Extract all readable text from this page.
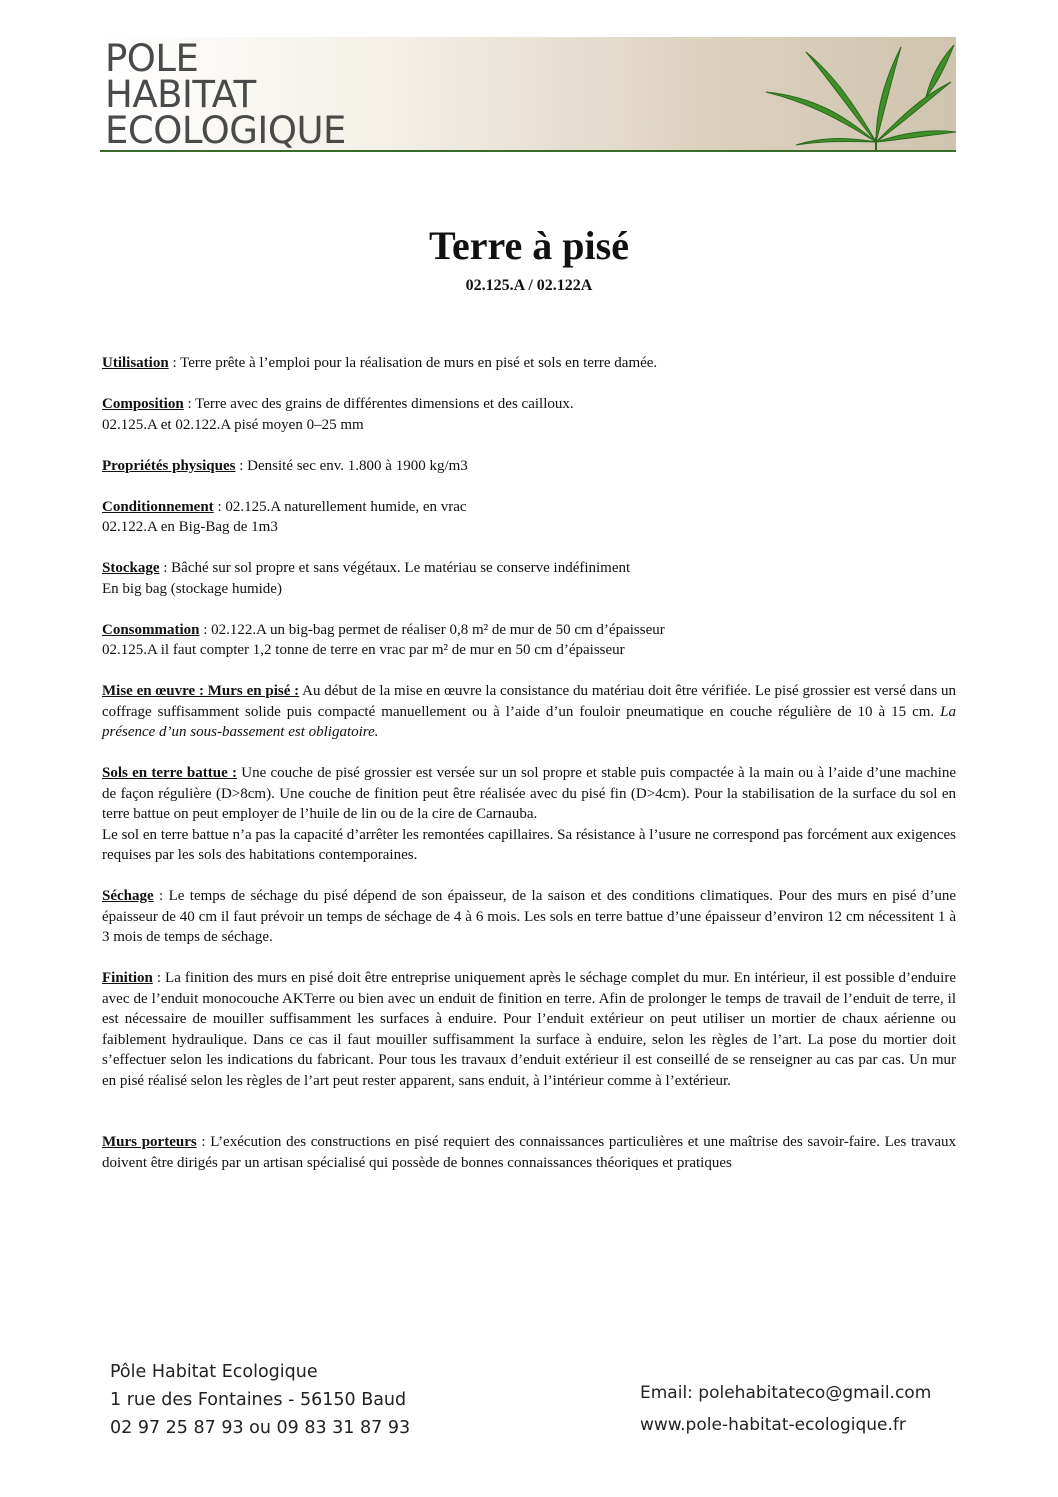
POLE
HABITAT
ECOLOGIQUE
Terre à pisé
02.125.A / 02.122A

Utilisation : Terre prête à l’emploi pour la réalisation de murs en pisé et sols en terre damée.

Composition : Terre avec des grains de différentes dimensions et des cailloux.
02.125.A et 02.122.A pisé moyen 0–25 mm

Propriétés physiques : Densité sec env. 1.800 à 1900 kg/m3

Conditionnement : 02.125.A naturellement humide, en vrac
02.122.A en Big-Bag de 1m3

Stockage : Bâché sur sol propre et sans végétaux. Le matériau se conserve indéfiniment
En big bag (stockage humide)

Consommation : 02.122.A un big-bag permet de réaliser 0,8 m² de mur de 50 cm d’épaisseur
02.125.A il faut compter 1,2 tonne de terre en vrac par m² de mur en 50 cm d’épaisseur

Mise en œuvre : Murs en pisé : Au début de la mise en œuvre la consistance du matériau doit être vérifiée. Le pisé grossier est versé dans un coffrage suffisamment solide puis compacté manuellement ou à l’aide d’un fouloir pneumatique en couche régulière de 10 à 15 cm. La présence d’un sous-bassement est obligatoire.

Sols en terre battue : Une couche de pisé grossier est versée sur un sol propre et stable puis compactée à la main ou à l’aide d’une machine de façon régulière (D>8cm). Une couche de finition peut être réalisée avec du pisé fin (D>4cm). Pour la stabilisation de la surface du sol en terre battue on peut employer de l’huile de lin ou de la cire de Carnauba.
Le sol en terre battue n’a pas la capacité d’arrêter les remontées capillaires. Sa résistance à l’usure ne correspond pas forcément aux exigences requises par les sols des habitations contemporaines.

Séchage : Le temps de séchage du pisé dépend de son épaisseur, de la saison et des conditions climatiques. Pour des murs en pisé d’une épaisseur de 40 cm il faut prévoir un temps de séchage de 4 à 6 mois. Les sols en terre battue d’une épaisseur d’environ 12 cm nécessitent 1 à 3 mois de temps de séchage.

Finition : La finition des murs en pisé doit être entreprise uniquement après le séchage complet du mur. En intérieur, il est possible d’enduire avec de l’enduit monocouche AKTerre ou bien avec un enduit de finition en terre. Afin de prolonger le temps de travail de l’enduit de terre, il est nécessaire de mouiller suffisamment les surfaces à enduire. Pour l’enduit extérieur on peut utiliser un mortier de chaux aérienne ou faiblement hydraulique. Dans ce cas il faut mouiller suffisamment la surface à enduire, selon les règles de l’art. La pose du mortier doit s’effectuer selon les indications du fabricant. Pour tous les travaux d’enduit extérieur il est conseillé de se renseigner au cas par cas. Un mur en pisé réalisé selon les règles de l’art peut rester apparent, sans enduit, à l’intérieur comme à l’extérieur.

Murs porteurs : L’exécution des constructions en pisé requiert des connaissances particulières et une maîtrise des savoir-faire. Les travaux doivent être dirigés par un artisan spécialisé qui possède de bonnes connaissances théoriques et pratiques

Pôle Habitat Ecologique
1 rue des Fontaines - 56150 Baud
02 97 25 87 93 ou 09 83 31 87 93
Email: polehabitateco@gmail.com
www.pole-habitat-ecologique.fr
